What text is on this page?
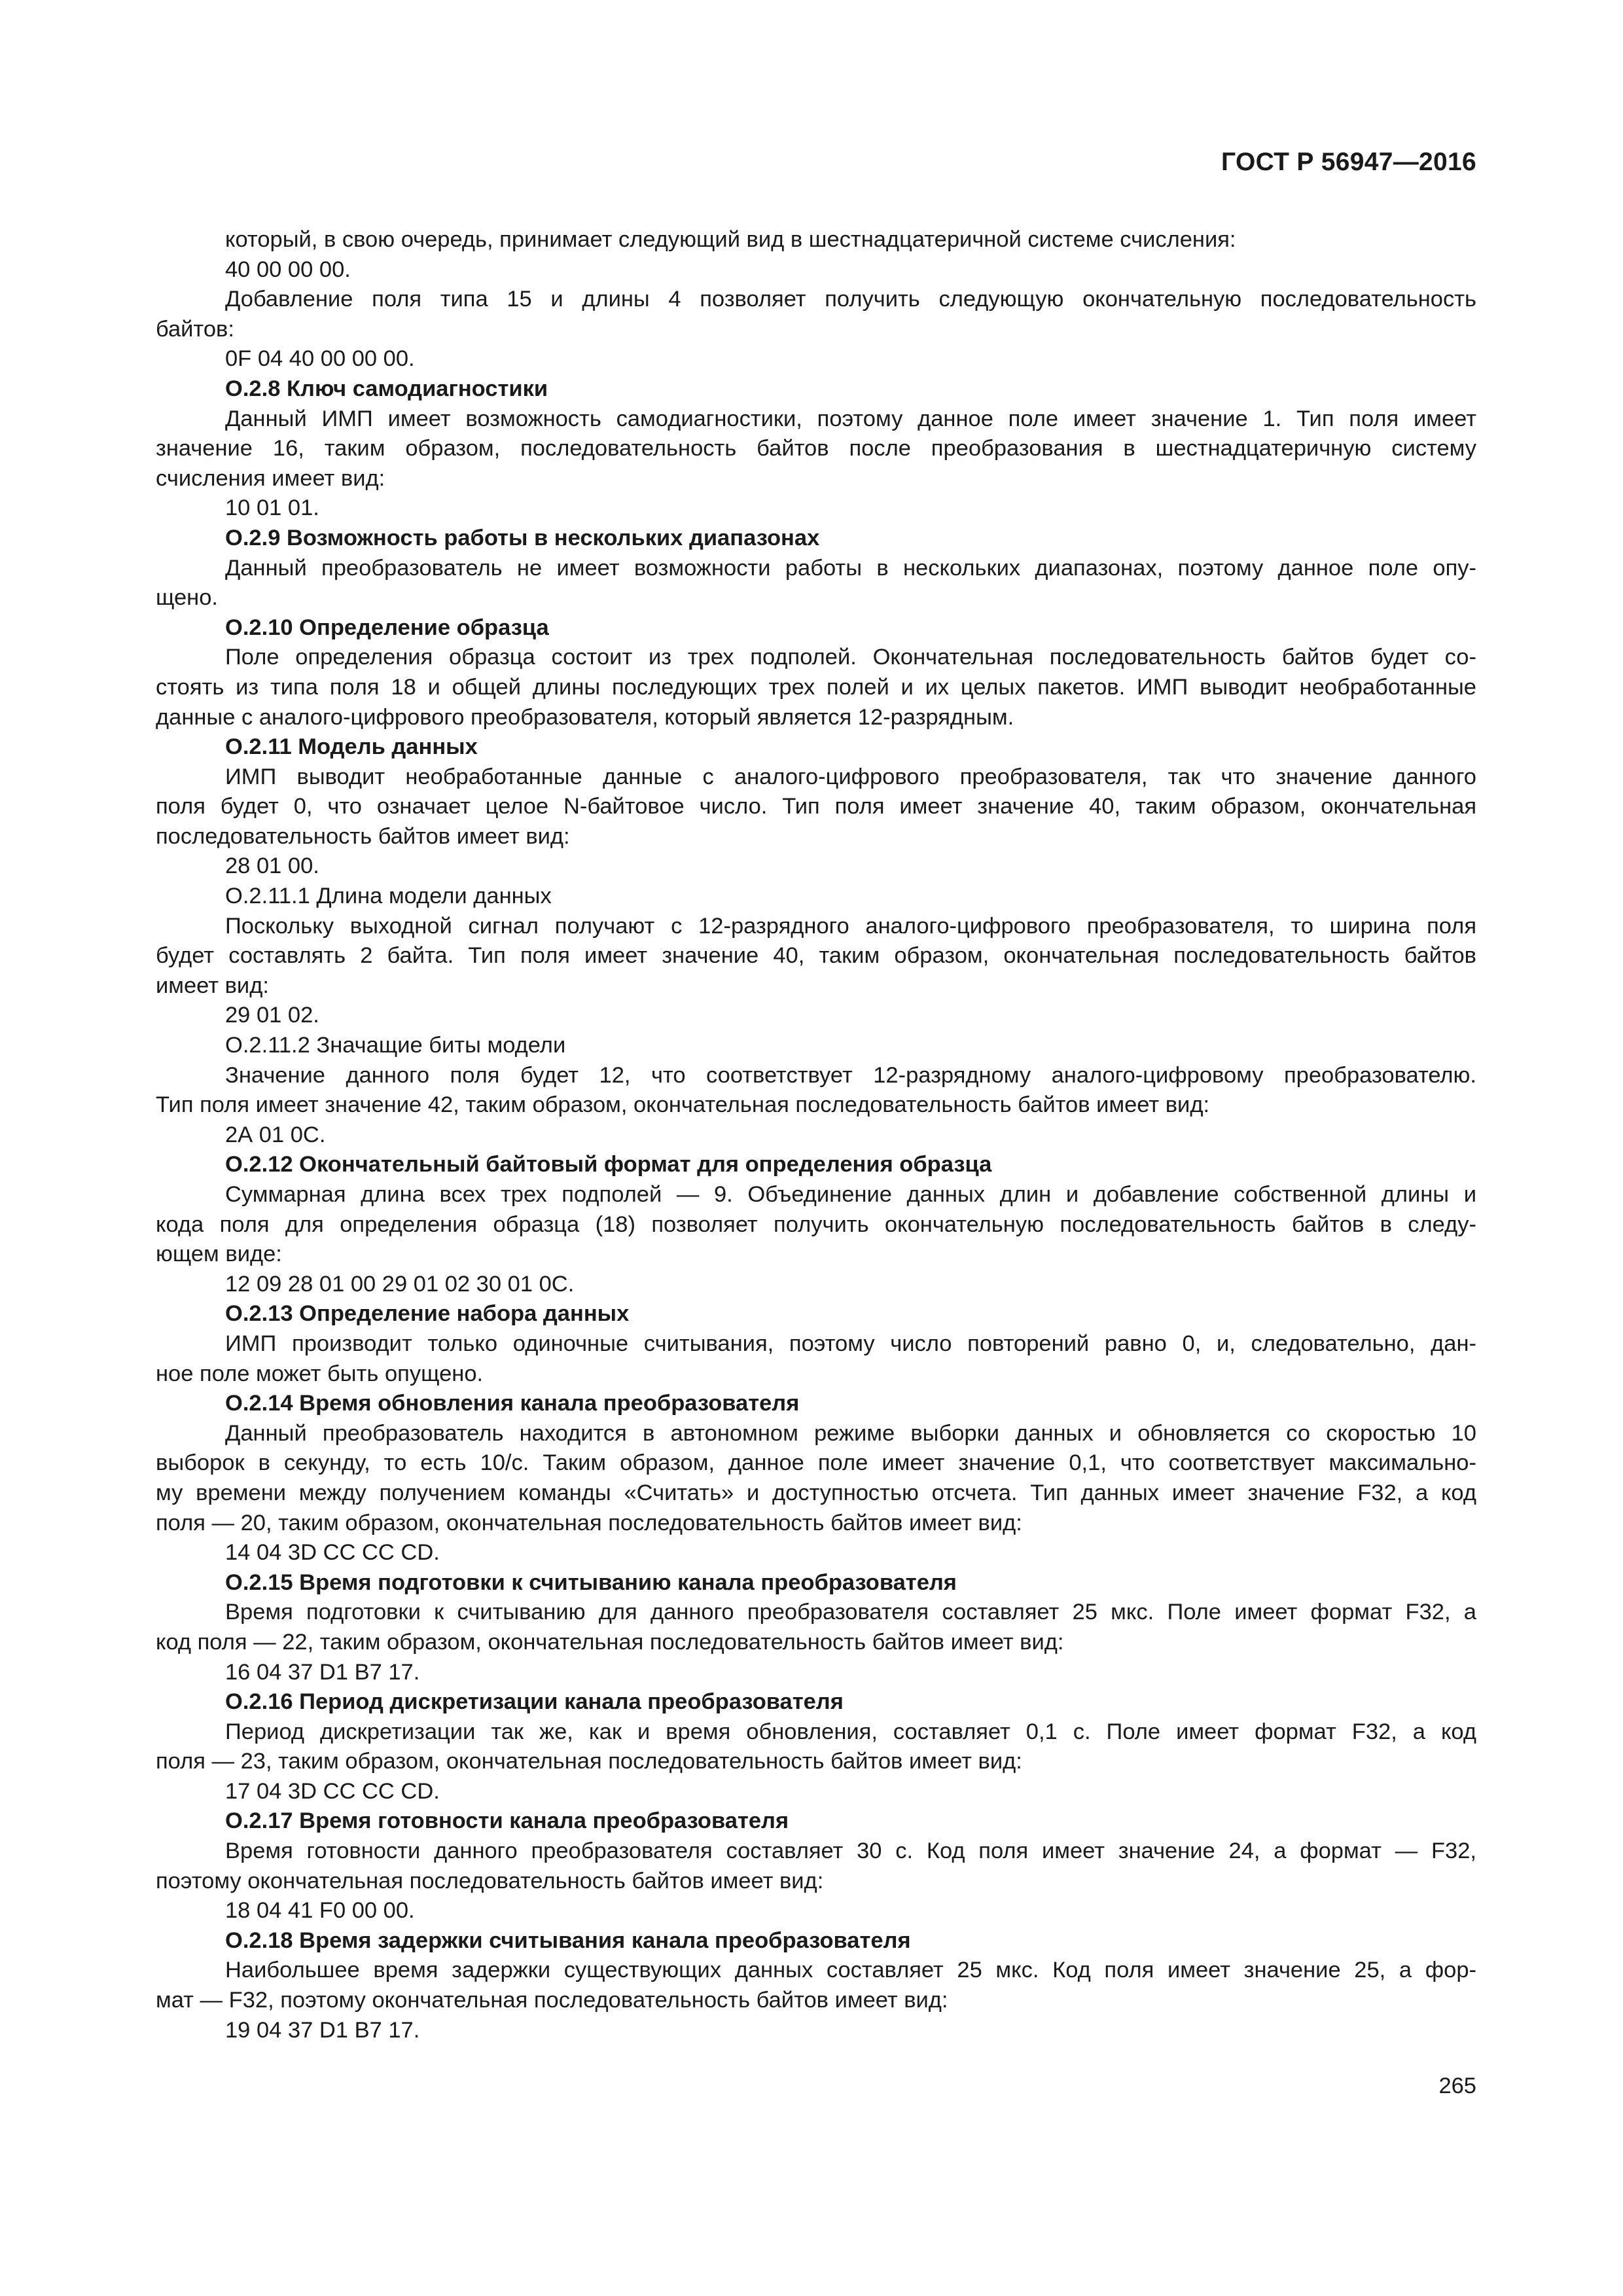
ГОСТ Р 56947—2016
который, в свою очередь, принимает следующий вид в шестнадцатеричной системе счисления:
40 00 00 00.
Добавление поля типа 15 и длины 4 позволяет получить следующую окончательную последовательность
байтов:
0F 04 40 00 00 00.
О.2.8 Ключ самодиагностики
Данный ИМП имеет возможность самодиагностики, поэтому данное поле имеет значение 1. Тип поля имеет
значение 16, таким образом, последовательность байтов после преобразования в шестнадцатеричную систему
счисления имеет вид:
10 01 01.
О.2.9 Возможность работы в нескольких диапазонах
Данный преобразователь не имеет возможности работы в нескольких диапазонах, поэтому данное поле опу-
щено.
О.2.10 Определение образца
Поле определения образца состоит из трех подполей. Окончательная последовательность байтов будет со-
стоять из типа поля 18 и общей длины последующих трех полей и их целых пакетов. ИМП выводит необработанные
данные с аналого-цифрового преобразователя, который является 12-разрядным.
О.2.11 Модель данных
ИМП выводит необработанные данные с аналого-цифрового преобразователя, так что значение данного
поля будет 0, что означает целое N-байтовое число. Тип поля имеет значение 40, таким образом, окончательная
последовательность байтов имеет вид:
28 01 00.
О.2.11.1 Длина модели данных
Поскольку выходной сигнал получают с 12-разрядного аналого-цифрового преобразователя, то ширина поля
будет составлять 2 байта. Тип поля имеет значение 40, таким образом, окончательная последовательность байтов
имеет вид:
29 01 02.
О.2.11.2 Значащие биты модели
Значение данного поля будет 12, что соответствует 12-разрядному аналого-цифровому преобразователю.
Тип поля имеет значение 42, таким образом, окончательная последовательность байтов имеет вид:
2А 01 0С.
О.2.12 Окончательный байтовый формат для определения образца
Суммарная длина всех трех подполей — 9. Объединение данных длин и добавление собственной длины и
кода поля для определения образца (18) позволяет получить окончательную последовательность байтов в следу-
ющем виде:
12 09 28 01 00 29 01 02 30 01 0С.
О.2.13 Определение набора данных
ИМП производит только одиночные считывания, поэтому число повторений равно 0, и, следовательно, дан-
ное поле может быть опущено.
О.2.14 Время обновления канала преобразователя
Данный преобразователь находится в автономном режиме выборки данных и обновляется со скоростью 10
выборок в секунду, то есть 10/с. Таким образом, данное поле имеет значение 0,1, что соответствует максимально-
му времени между получением команды «Считать» и доступностью отсчета. Тип данных имеет значение F32, а код
поля — 20, таким образом, окончательная последовательность байтов имеет вид:
14 04 3D CC CC CD.
О.2.15 Время подготовки к считыванию канала преобразователя
Время подготовки к считыванию для данного преобразователя составляет 25 мкс. Поле имеет формат F32, а
код поля — 22, таким образом, окончательная последовательность байтов имеет вид:
16 04 37 D1 B7 17.
О.2.16 Период дискретизации канала преобразователя
Период дискретизации так же, как и время обновления, составляет 0,1 с. Поле имеет формат F32, а код
поля — 23, таким образом, окончательная последовательность байтов имеет вид:
17 04 3D CC CC CD.
О.2.17 Время готовности канала преобразователя
Время готовности данного преобразователя составляет 30 с. Код поля имеет значение 24, а формат — F32,
поэтому окончательная последовательность байтов имеет вид:
18 04 41 F0 00 00.
О.2.18 Время задержки считывания канала преобразователя
Наибольшее время задержки существующих данных составляет 25 мкс. Код поля имеет значение 25, а фор-
мат — F32, поэтому окончательная последовательность байтов имеет вид:
19 04 37 D1 B7 17.
265
